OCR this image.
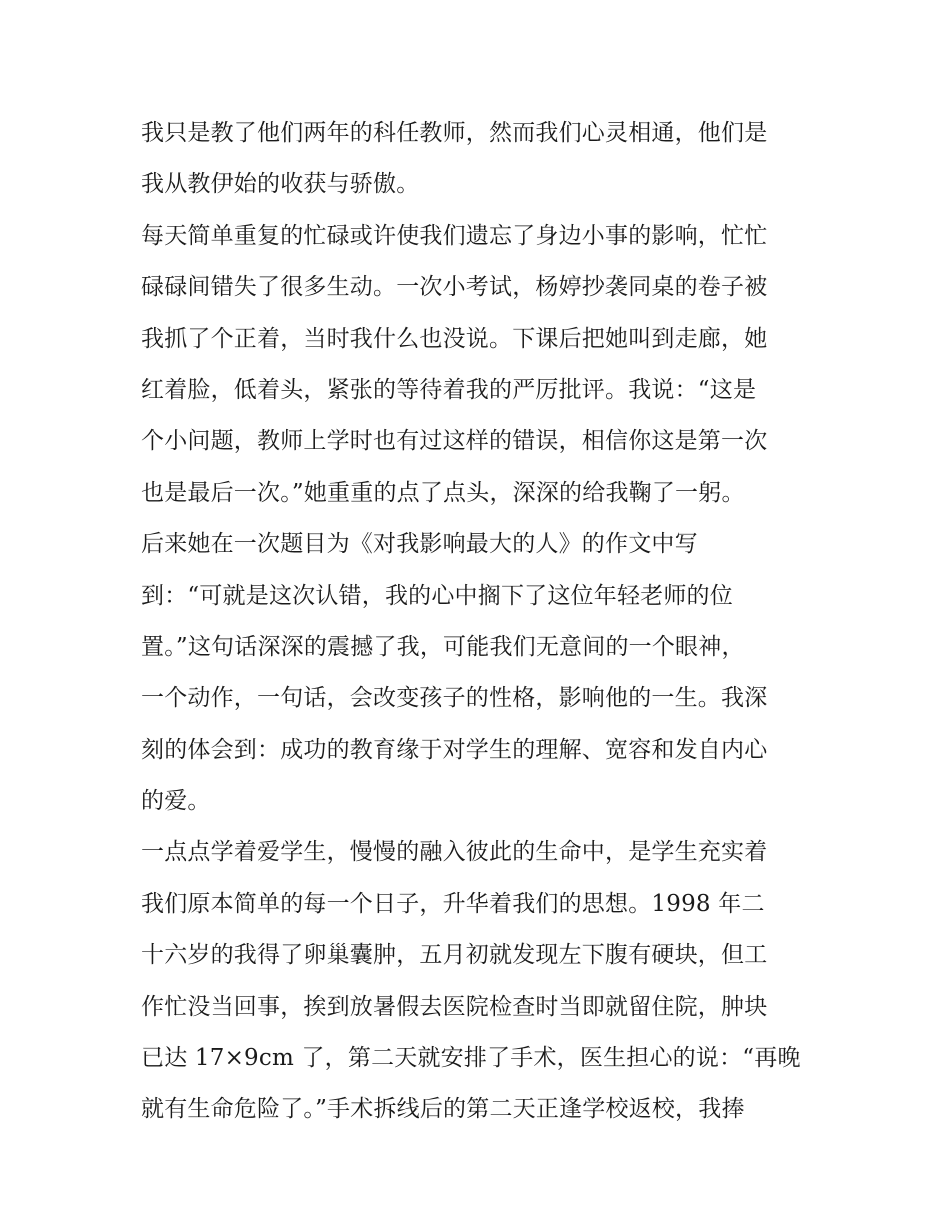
我只是教了他们两年的科任教师，然而我们心灵相通，他们是
我从教伊始的收获与骄傲。
每天简单重复的忙碌或许使我们遗忘了身边小事的影响，忙忙
碌碌间错失了很多生动。一次小考试，杨婷抄袭同桌的卷子被
我抓了个正着，当时我什么也没说。下课后把她叫到走廊，她
红着脸，低着头，紧张的等待着我的严厉批评。我说：“这是
个小问题，教师上学时也有过这样的错误，相信你这是第一次
也是最后一次。”她重重的点了点头，深深的给我鞠了一躬。
后来她在一次题目为《对我影响最大的人》的作文中写
到：“可就是这次认错，我的心中搁下了这位年轻老师的位
置。”这句话深深的震撼了我，可能我们无意间的一个眼神，
一个动作，一句话，会改变孩子的性格，影响他的一生。我深
刻的体会到：成功的教育缘于对学生的理解、宽容和发自内心
的爱。
一点点学着爱学生，慢慢的融入彼此的生命中，是学生充实着
我们原本简单的每一个日子，升华着我们的思想。1998 年二
十六岁的我得了卵巢囊肿，五月初就发现左下腹有硬块，但工
作忙没当回事，挨到放暑假去医院检查时当即就留住院，肿块
已达 17×9cm 了，第二天就安排了手术，医生担心的说：“再晚
就有生命危险了。”手术拆线后的第二天正逢学校返校，我捧
